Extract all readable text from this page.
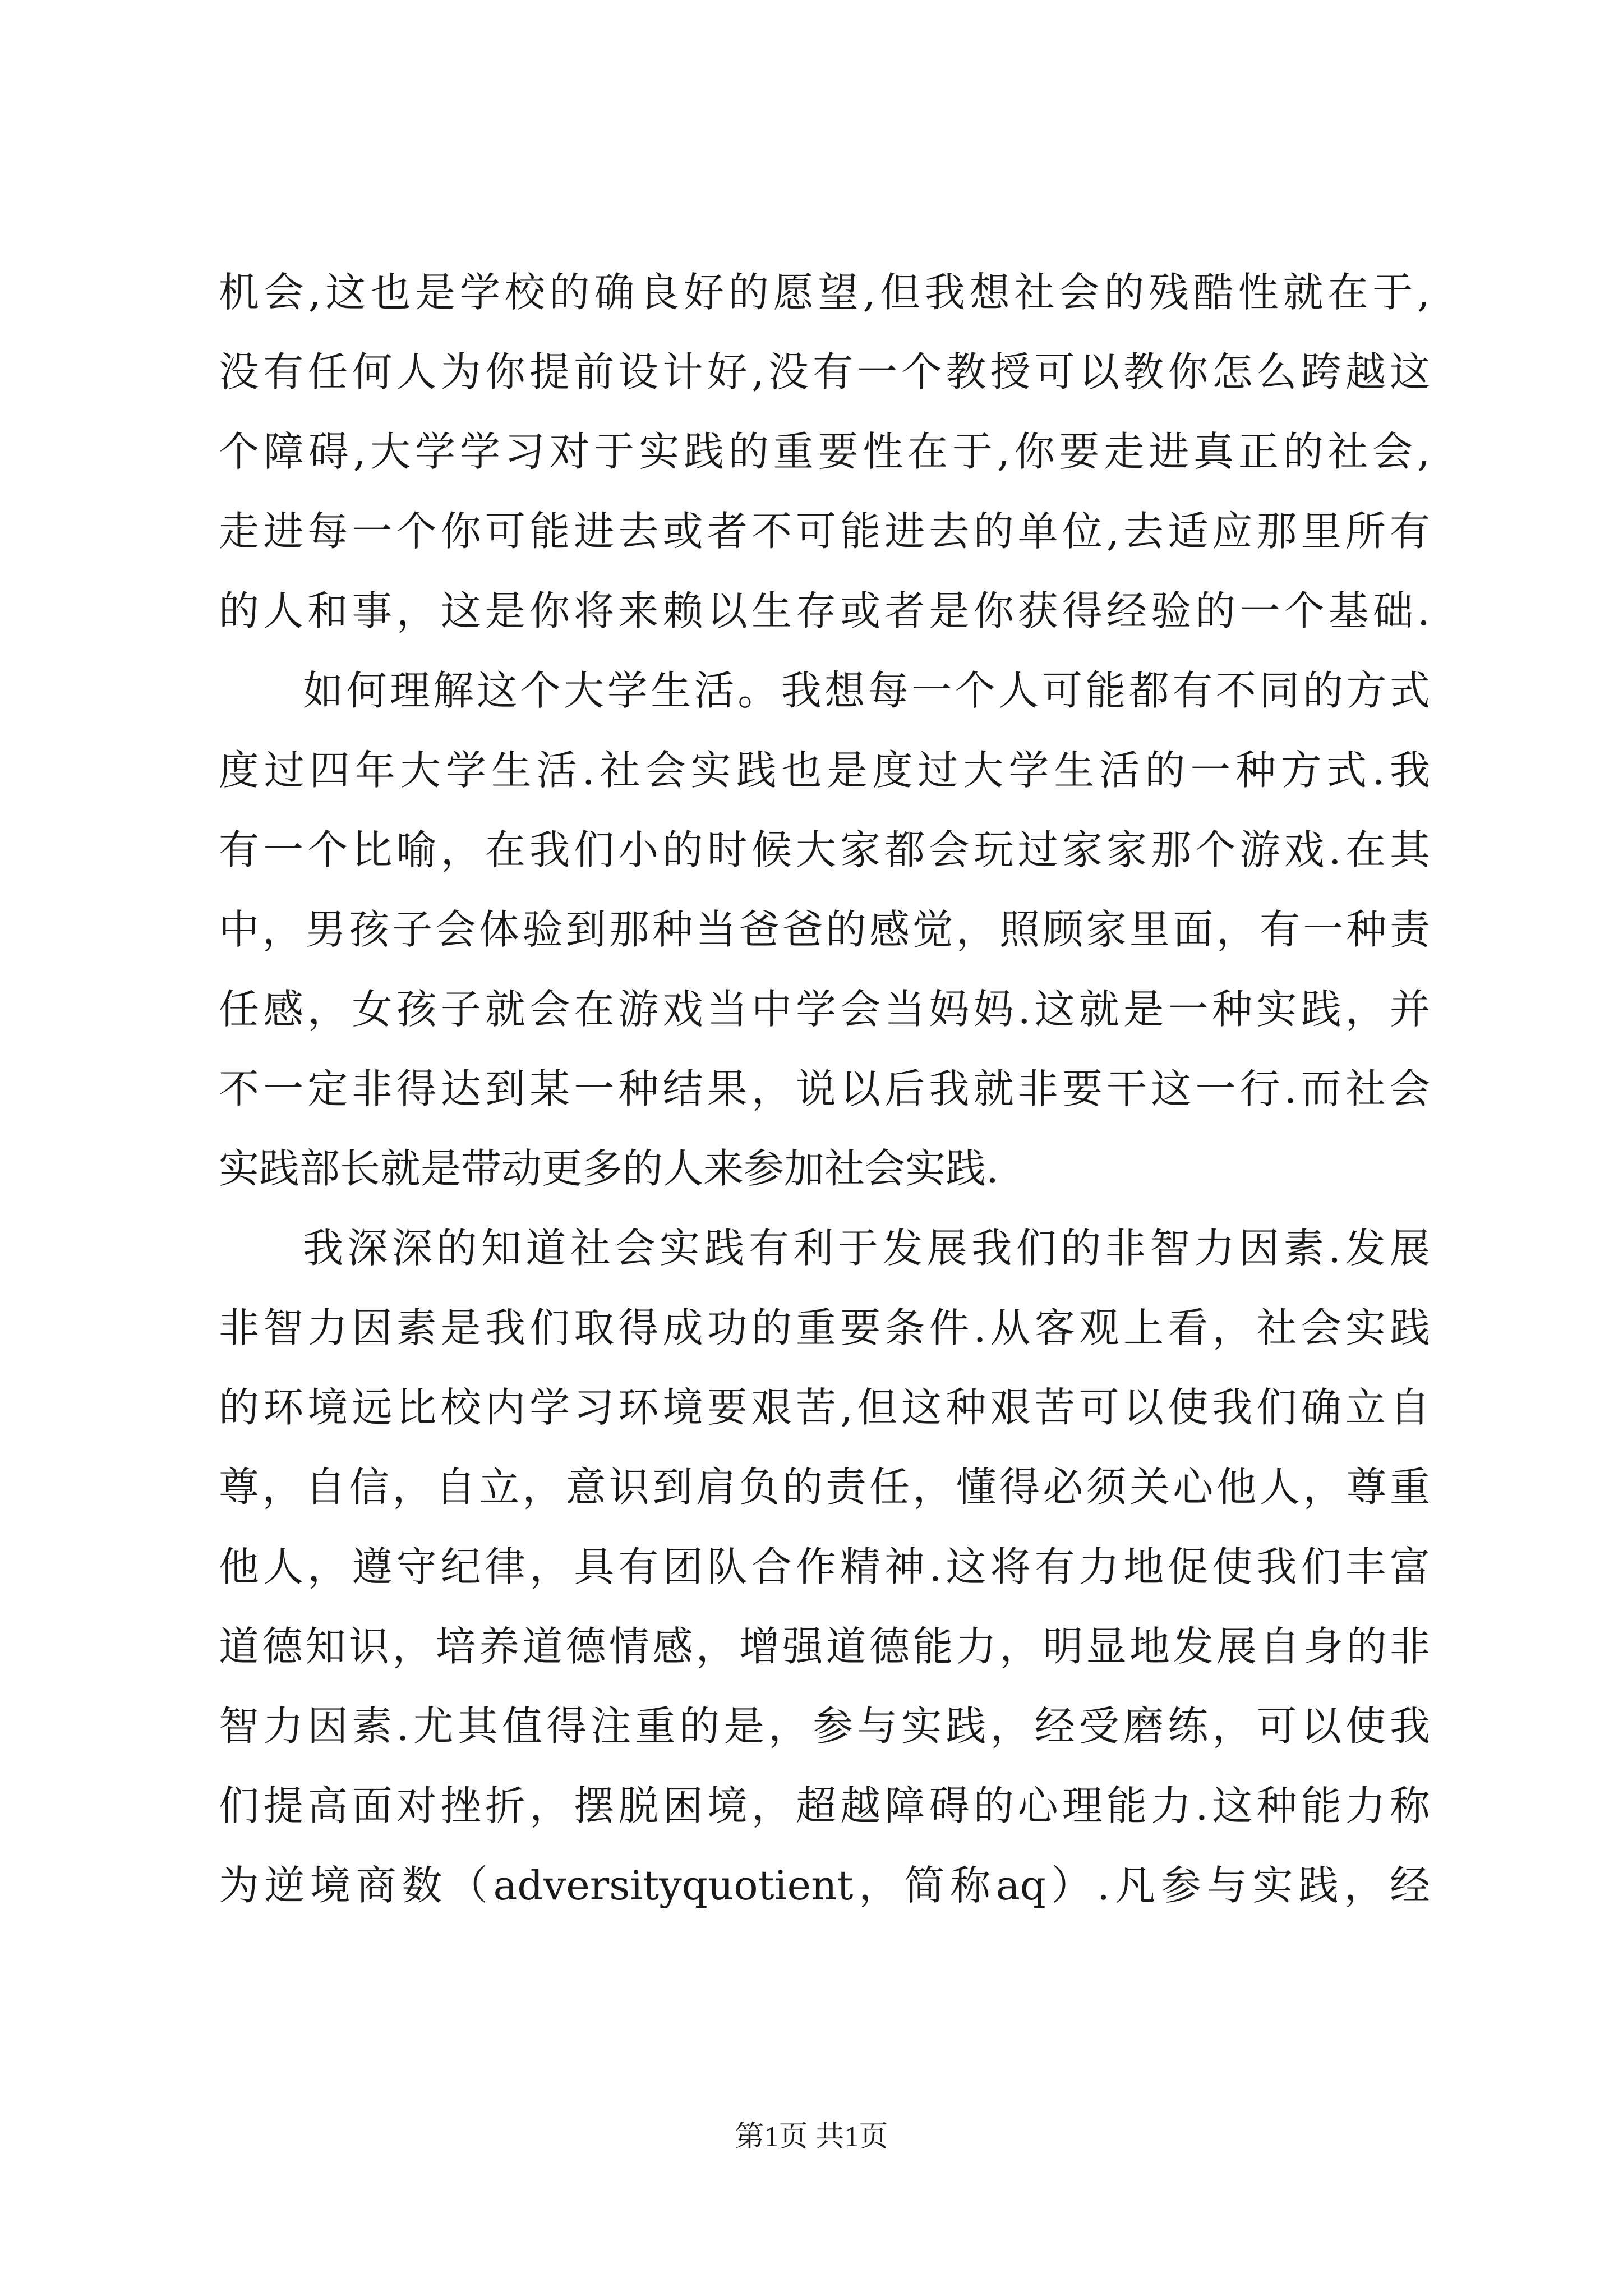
机会,这也是学校的确良好的愿望,但我想社会的残酷性就在于,
没有任何人为你提前设计好,没有一个教授可以教你怎么跨越这
个障碍,大学学习对于实践的重要性在于,你要走进真正的社会,
走进每一个你可能进去或者不可能进去的单位,去适应那里所有
的人和事，这是你将来赖以生存或者是你获得经验的一个基础.
如何理解这个大学生活。我想每一个人可能都有不同的方式
度过四年大学生活.社会实践也是度过大学生活的一种方式.我
有一个比喻，在我们小的时候大家都会玩过家家那个游戏.在其
中，男孩子会体验到那种当爸爸的感觉，照顾家里面，有一种责
任感，女孩子就会在游戏当中学会当妈妈.这就是一种实践，并
不一定非得达到某一种结果，说以后我就非要干这一行.而社会
实践部长就是带动更多的人来参加社会实践.
我深深的知道社会实践有利于发展我们的非智力因素.发展
非智力因素是我们取得成功的重要条件.从客观上看，社会实践
的环境远比校内学习环境要艰苦,但这种艰苦可以使我们确立自
尊，自信，自立，意识到肩负的责任，懂得必须关心他人，尊重
他人，遵守纪律，具有团队合作精神.这将有力地促使我们丰富
道德知识，培养道德情感，增强道德能力，明显地发展自身的非
智力因素.尤其值得注重的是，参与实践，经受磨练，可以使我
们提高面对挫折，摆脱困境，超越障碍的心理能力.这种能力称
为逆境商数（adversityquotient，简称aq）.凡参与实践，经
第1页 共1页
